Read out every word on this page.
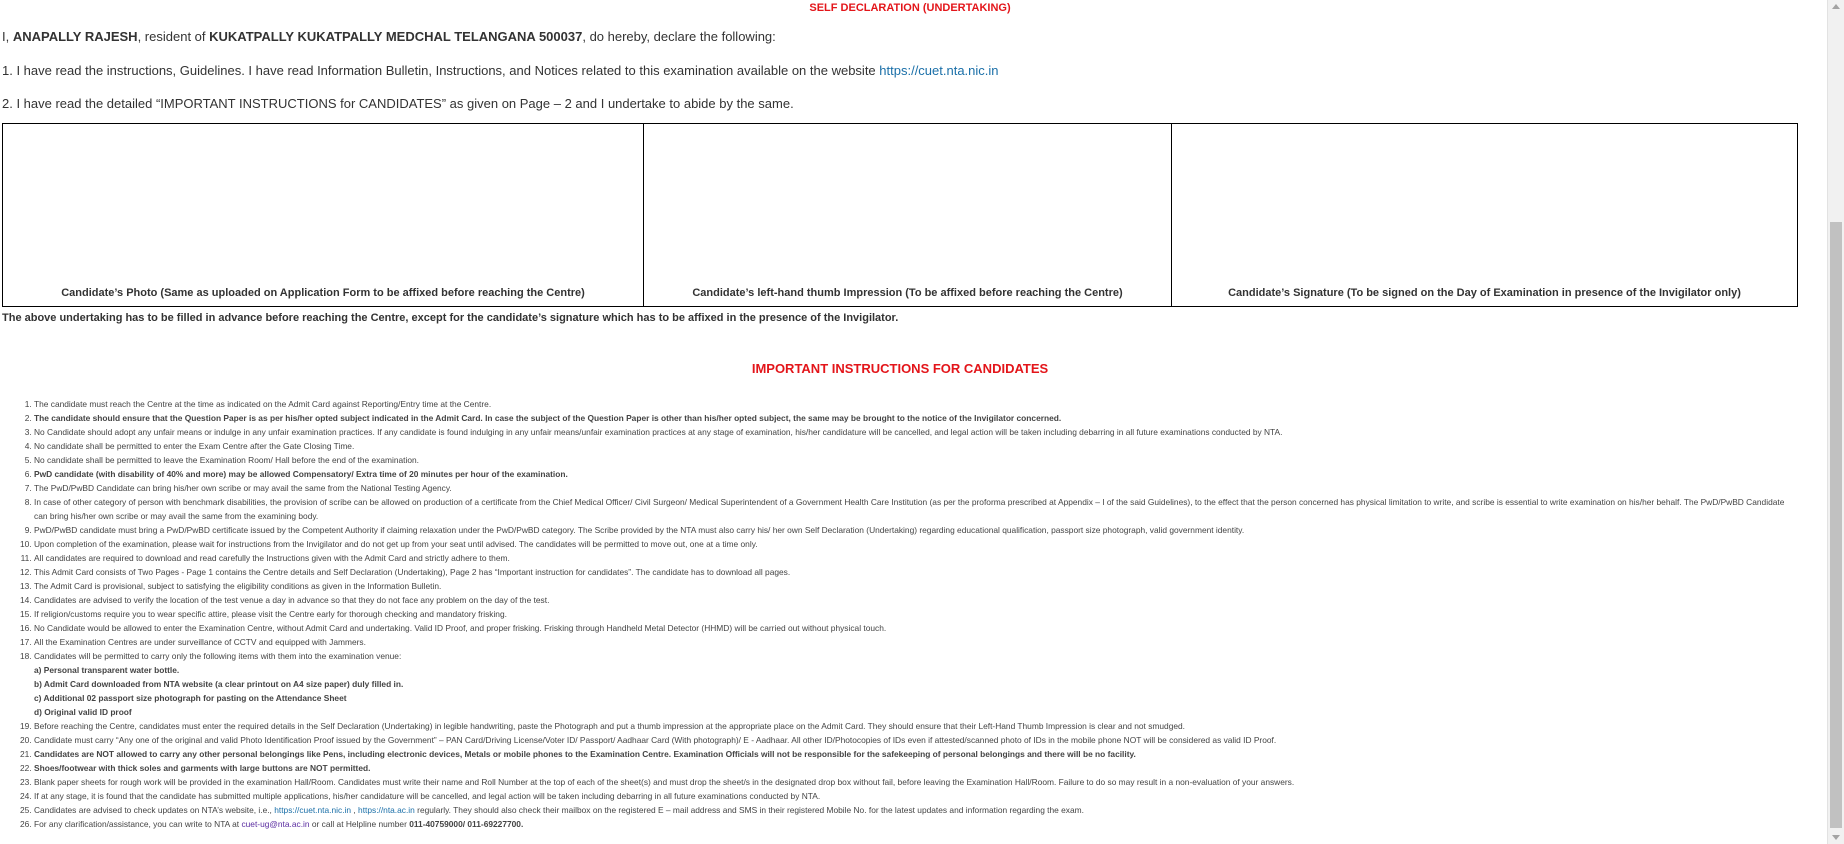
SELF DECLARATION (UNDERTAKING)
I, ANAPALLY RAJESH, resident of KUKATPALLY KUKATPALLY MEDCHAL TELANGANA 500037, do hereby, declare the following:
1. I have read the instructions, Guidelines. I have read Information Bulletin, Instructions, and Notices related to this examination available on the website https://cuet.nta.nic.in
2. I have read the detailed “IMPORTANT INSTRUCTIONS for CANDIDATES” as given on Page – 2 and I undertake to abide by the same.
Candidate’s Photo (Same as uploaded on Application Form to be affixed before reaching the Centre)	Candidate’s left-hand thumb Impression (To be affixed before reaching the Centre)	Candidate’s Signature (To be signed on the Day of Examination in presence of the Invigilator only)
The above undertaking has to be filled in advance before reaching the Centre, except for the candidate’s signature which has to be affixed in the presence of the Invigilator.
IMPORTANT INSTRUCTIONS FOR CANDIDATES
1. The candidate must reach the Centre at the time as indicated on the Admit Card against Reporting/Entry time at the Centre.
2. The candidate should ensure that the Question Paper is as per his/her opted subject indicated in the Admit Card. In case the subject of the Question Paper is other than his/her opted subject, the same may be brought to the notice of the Invigilator concerned.
3. No Candidate should adopt any unfair means or indulge in any unfair examination practices. If any candidate is found indulging in any unfair means/unfair examination practices at any stage of examination, his/her candidature will be cancelled, and legal action will be taken including debarring in all future examinations conducted by NTA.
4. No candidate shall be permitted to enter the Exam Centre after the Gate Closing Time.
5. No candidate shall be permitted to leave the Examination Room/ Hall before the end of the examination.
6. PwD candidate (with disability of 40% and more) may be allowed Compensatory/ Extra time of 20 minutes per hour of the examination.
7. The PwD/PwBD Candidate can bring his/her own scribe or may avail the same from the National Testing Agency.
8. In case of other category of person with benchmark disabilities, the provision of scribe can be allowed on production of a certificate from the Chief Medical Officer/ Civil Surgeon/ Medical Superintendent of a Government Health Care Institution (as per the proforma prescribed at Appendix – I of the said Guidelines), to the effect that the person concerned has physical limitation to write, and scribe is essential to write examination on his/her behalf. The PwD/PwBD Candidate can bring his/her own scribe or may avail the same from the examining body.
9. PwD/PwBD candidate must bring a PwD/PwBD certificate issued by the Competent Authority if claiming relaxation under the PwD/PwBD category. The Scribe provided by the NTA must also carry his/ her own Self Declaration (Undertaking) regarding educational qualification, passport size photograph, valid government identity.
10. Upon completion of the examination, please wait for instructions from the Invigilator and do not get up from your seat until advised. The candidates will be permitted to move out, one at a time only.
11. All candidates are required to download and read carefully the Instructions given with the Admit Card and strictly adhere to them.
12. This Admit Card consists of Two Pages - Page 1 contains the Centre details and Self Declaration (Undertaking), Page 2 has “Important instruction for candidates”. The candidate has to download all pages.
13. The Admit Card is provisional, subject to satisfying the eligibility conditions as given in the Information Bulletin.
14. Candidates are advised to verify the location of the test venue a day in advance so that they do not face any problem on the day of the test.
15. If religion/customs require you to wear specific attire, please visit the Centre early for thorough checking and mandatory frisking.
16. No Candidate would be allowed to enter the Examination Centre, without Admit Card and undertaking. Valid ID Proof, and proper frisking. Frisking through Handheld Metal Detector (HHMD) will be carried out without physical touch.
17. All the Examination Centres are under surveillance of CCTV and equipped with Jammers.
18. Candidates will be permitted to carry only the following items with them into the examination venue:
a) Personal transparent water bottle.
b) Admit Card downloaded from NTA website (a clear printout on A4 size paper) duly filled in.
c) Additional 02 passport size photograph for pasting on the Attendance Sheet
d) Original valid ID proof
19. Before reaching the Centre, candidates must enter the required details in the Self Declaration (Undertaking) in legible handwriting, paste the Photograph and put a thumb impression at the appropriate place on the Admit Card. They should ensure that their Left-Hand Thumb Impression is clear and not smudged.
20. Candidate must carry “Any one of the original and valid Photo Identification Proof issued by the Government” – PAN Card/Driving License/Voter ID/ Passport/ Aadhaar Card (With photograph)/ E - Aadhaar. All other ID/Photocopies of IDs even if attested/scanned photo of IDs in the mobile phone NOT will be considered as valid ID Proof.
21. Candidates are NOT allowed to carry any other personal belongings like Pens, including electronic devices, Metals or mobile phones to the Examination Centre. Examination Officials will not be responsible for the safekeeping of personal belongings and there will be no facility.
22. Shoes/footwear with thick soles and garments with large buttons are NOT permitted.
23. Blank paper sheets for rough work will be provided in the examination Hall/Room. Candidates must write their name and Roll Number at the top of each of the sheet(s) and must drop the sheet/s in the designated drop box without fail, before leaving the Examination Hall/Room. Failure to do so may result in a non-evaluation of your answers.
24. If at any stage, it is found that the candidate has submitted multiple applications, his/her candidature will be cancelled, and legal action will be taken including debarring in all future examinations conducted by NTA.
25. Candidates are advised to check updates on NTA’s website, i.e., https://cuet.nta.nic.in , https://nta.ac.in regularly. They should also check their mailbox on the registered E – mail address and SMS in their registered Mobile No. for the latest updates and information regarding the exam.
26. For any clarification/assistance, you can write to NTA at cuet-ug@nta.ac.in or call at Helpline number 011-40759000/ 011-69227700.
